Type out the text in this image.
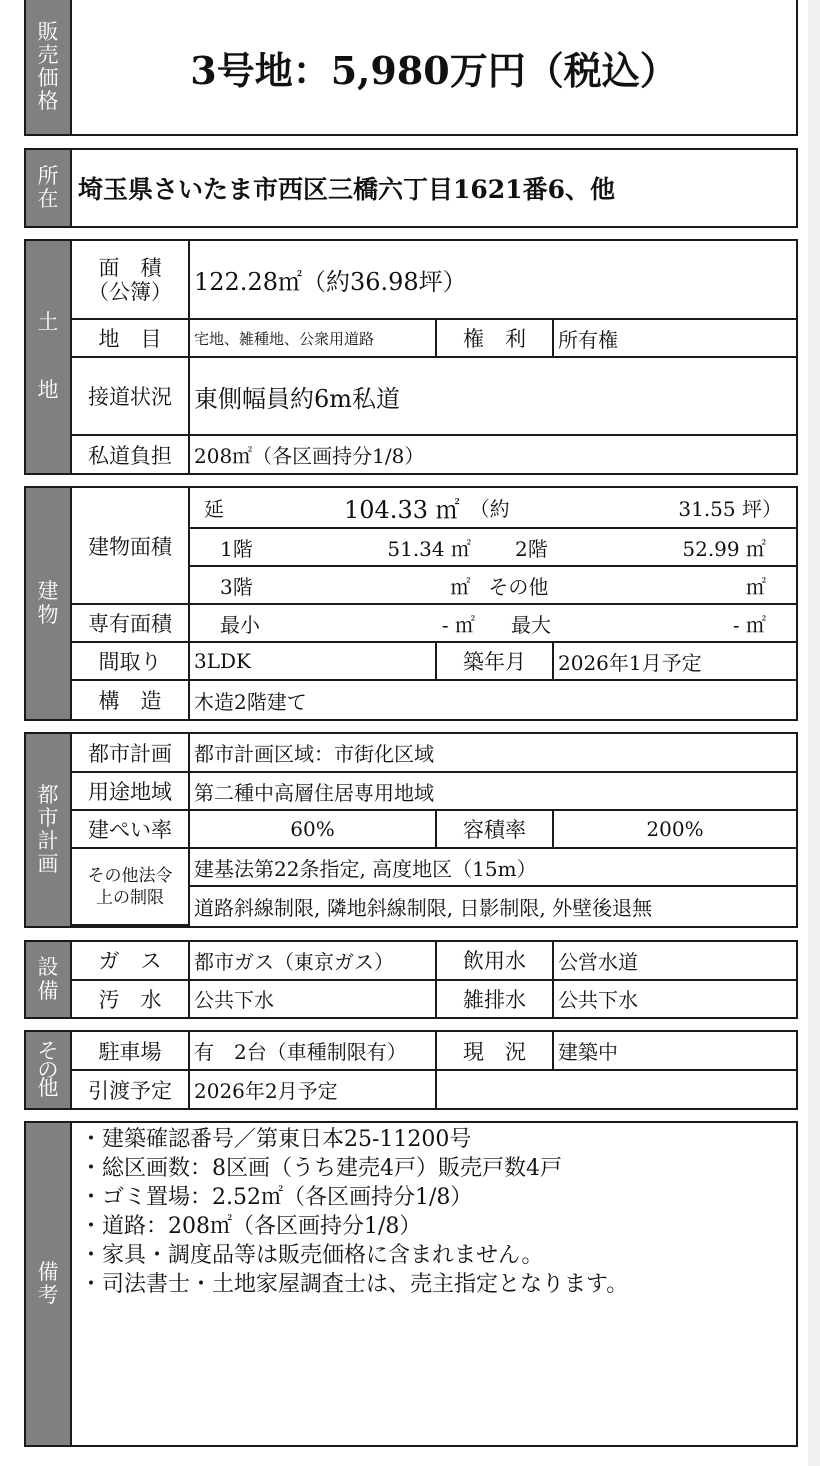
販
売
価
格
3号地：5,980万円（税込）
所
在 埼玉県さいたま市西区三橋六丁目1621番6、他
土
地
面　積
（公簿）	122.28㎡（約36.98坪）		
地　目	宅地、雑種地、公衆用道路	権　利	所有権
接道状況	東側幅員約6m私道		
私道負担	208㎡（各区画持分1/8）		
建
物
建物面積	延 104.33 ㎡ （約 31.55 坪）		

	1階 51.34 ㎡ 2階 52.99 ㎡		

	3階 ㎡ その他 ㎡		

専有面積	最小 - ㎡ 最大 - ㎡		

間取り	3LDK	築年月	2026年1月予定
構　造	木造2階建て		
都
市
計
画
都市計画	都市計画区域：市街化区域		
用途地域	第二種中高層住居専用地域		
建ぺい率	60%	容積率	200%

その他法令
上の制限	建基法第22条指定, 高度地区（15m）		
	道路斜線制限, 隣地斜線制限, 日影制限, 外壁後退無		
設
備
ガ　ス	都市ガス（東京ガス）	飲用水	公営水道
汚　水	公共下水	雑排水	公共下水
そ
の
他
駐車場	有　2台（車種制限有）	現　況	建築中
引渡予定	2026年2月予定		
備
考
・建築確認番号／第東日本25-11200号
・総区画数：8区画（うち建売4戸）販売戸数4戸
・ゴミ置場：2.52㎡（各区画持分1/8）
・道路：208㎡（各区画持分1/8）
・家具・調度品等は販売価格に含まれません。
・司法書士・土地家屋調査士は、売主指定となります。
